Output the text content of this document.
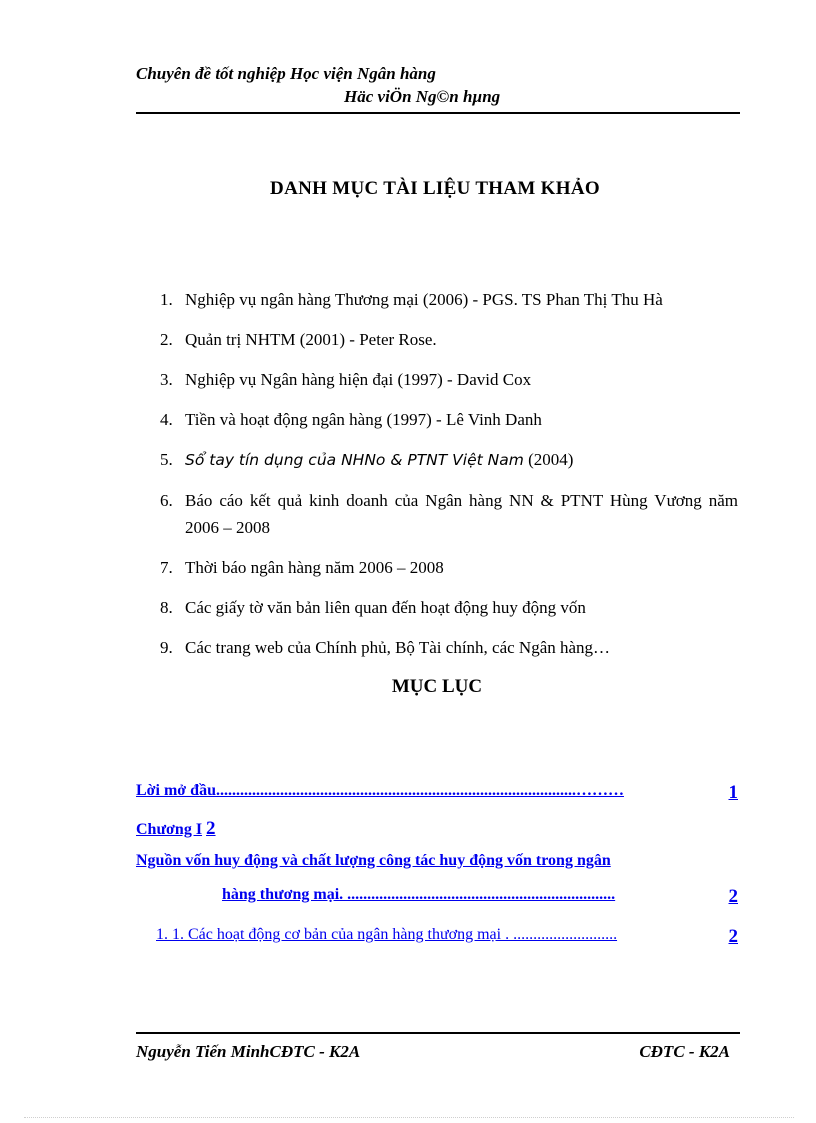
Chuyên đề tốt nghiệp Học viện Ngân hàng
Häc viÖn Ng©n hµng
DANH MỤC TÀI LIỆU THAM KHẢO
1. Nghiệp vụ ngân hàng Thương mại (2006) - PGS. TS Phan Thị Thu Hà
2. Quản trị NHTM (2001) - Peter Rose.
3. Nghiệp vụ Ngân hàng hiện đại (1997) - David Cox
4. Tiền và hoạt động ngân hàng (1997) - Lê Vinh Danh
5. Sổ tay tín dụng của NHNo & PTNT Việt Nam (2004)
6. Báo cáo kết quả kinh doanh của Ngân hàng NN & PTNT Hùng Vương năm 2006 – 2008
7. Thời báo ngân hàng năm 2006 – 2008
8. Các giấy tờ văn bản liên quan đến hoạt động huy động vốn
9. Các trang web của Chính phủ, Bộ Tài chính, các Ngân hàng…
MỤC LỤC
Lời mở đầu..........................................................................................………	1
Chương I 2
Nguồn vốn huy động và chất lượng công tác huy động vốn trong ngân
hàng thương mại. ...................................................................	2
1. 1. Các hoạt động cơ bản của ngân hàng thương mại . ..........................	2
Nguyễn Tiến MinhCĐTC - K2A	CĐTC - K2A
